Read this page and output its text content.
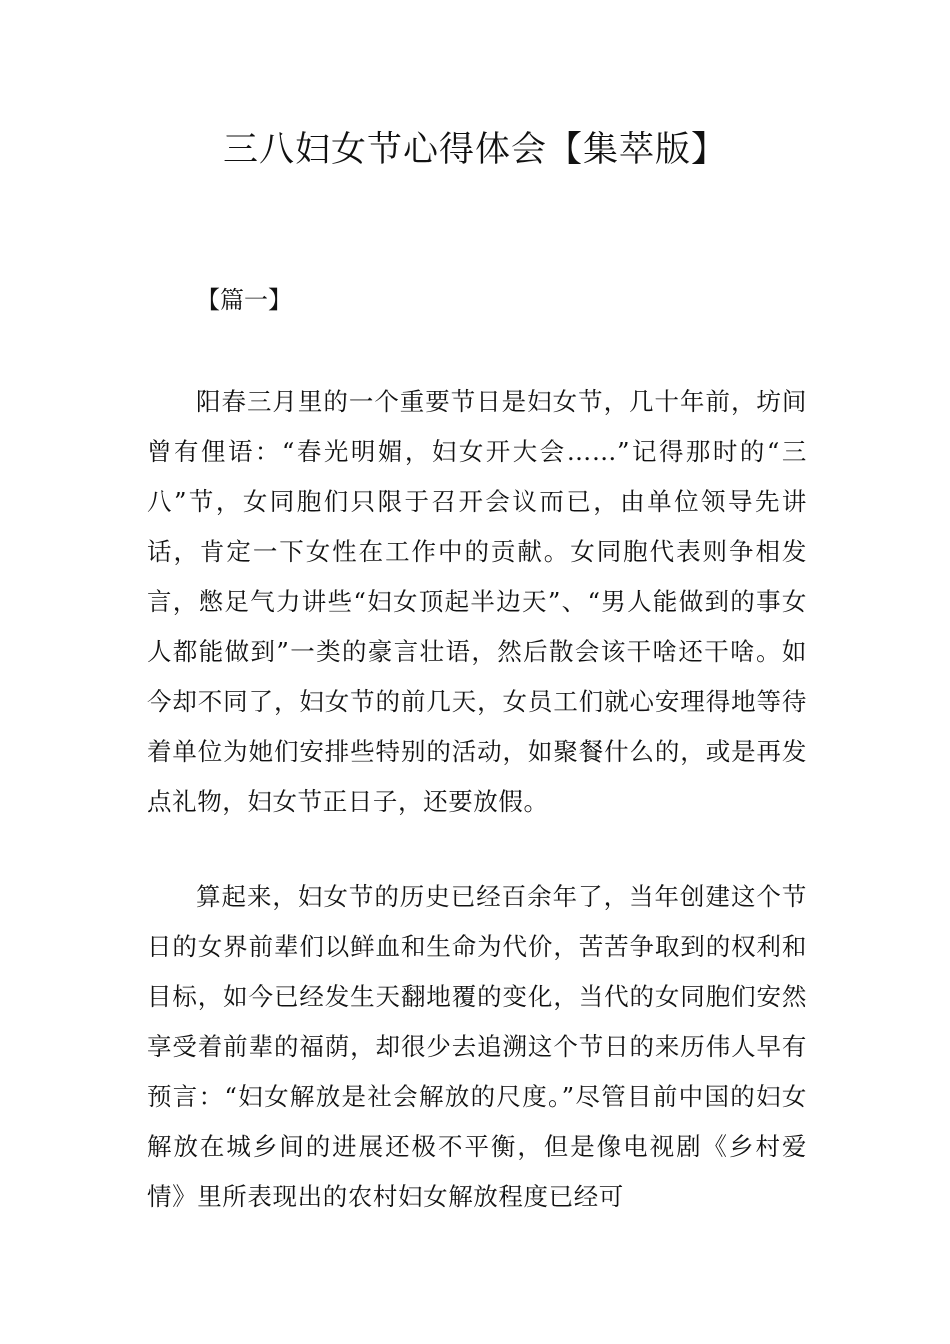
三八妇女节心得体会【集萃版】

【篇一】

阳春三月里的一个重要节日是妇女节，几十年前，坊间曾有俚语：“春光明媚，妇女开大会……”记得那时的“三八”节，女同胞们只限于召开会议而已，由单位领导先讲话，肯定一下女性在工作中的贡献。女同胞代表则争相发言，憋足气力讲些“妇女顶起半边天”、“男人能做到的事女人都能做到”一类的豪言壮语，然后散会该干啥还干啥。如今却不同了，妇女节的前几天，女员工们就心安理得地等待着单位为她们安排些特别的活动，如聚餐什么的，或是再发点礼物，妇女节正日子，还要放假。

算起来，妇女节的历史已经百余年了，当年创建这个节日的女界前辈们以鲜血和生命为代价，苦苦争取到的权利和目标，如今已经发生天翻地覆的变化，当代的女同胞们安然享受着前辈的福荫，却很少去追溯这个节日的来历伟人早有预言：“妇女解放是社会解放的尺度。”尽管目前中国的妇女解放在城乡间的进展还极不平衡，但是像电视剧《乡村爱情》里所表现出的农村妇女解放程度已经可
